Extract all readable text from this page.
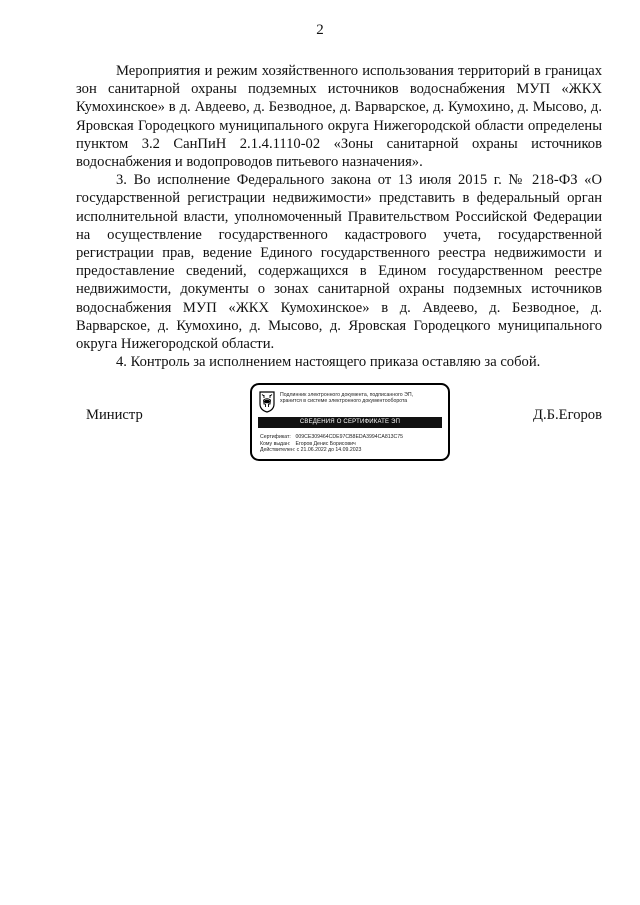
2

Мероприятия и режим хозяйственного использования территорий в границах зон санитарной охраны подземных источников водоснабжения МУП «ЖКХ Кумохинское» в д. Авдеево, д. Безводное, д. Варварское, д. Кумохино, д. Мысово, д. Яровская Городецкого муниципального округа Нижегородской области определены пунктом 3.2 СанПиН 2.1.4.1110-02 «Зоны санитарной охраны источников водоснабжения и водопроводов питьевого назначения».

3. Во исполнение Федерального закона от 13 июля 2015 г. № 218-ФЗ «О государственной регистрации недвижимости» представить в федеральный орган исполнительной власти, уполномоченный Правительством Российской Федерации на осуществление государственного кадастрового учета, государственной регистрации прав, ведение Единого государственного реестра недвижимости и предоставление сведений, содержащихся в Едином государственном реестре недвижимости, документы о зонах санитарной охраны подземных источников водоснабжения МУП «ЖКХ Кумохинское» в д. Авдеево, д. Безводное, д. Варварское, д. Кумохино, д. Мысово, д. Яровская Городецкого муниципального округа Нижегородской области.

4. Контроль за исполнением настоящего приказа оставляю за собой.

Министр
Подлинник электронного документа, подписанного ЭП,
хранится в системе электронного документооборота
СВЕДЕНИЯ О СЕРТИФИКАТЕ ЭП
Сертификат: 009CE309464CDE97CB8EDA3994CA813C75
Кому выдан: Егоров Денис Борисович
Действителен: с 21.06.2022 до 14.09.2023
Д.Б.Егоров
